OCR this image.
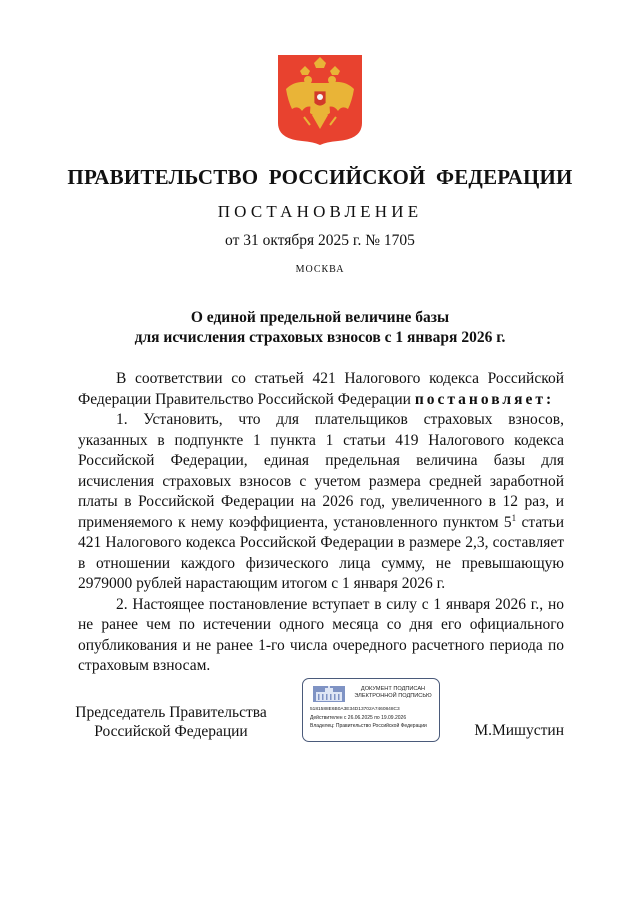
ПРАВИТЕЛЬСТВО РОССИЙСКОЙ ФЕДЕРАЦИИ
ПОСТАНОВЛЕНИЕ
от 31 октября 2025 г. № 1705
МОСКВА
О единой предельной величине базы
для исчисления страховых взносов с 1 января 2026 г.

В соответствии со статьей 421 Налогового кодекса Российской Федерации Правительство Российской Федерации постановляет:

1. Установить, что для плательщиков страховых взносов, указанных в подпункте 1 пункта 1 статьи 419 Налогового кодекса Российской Федерации, единая предельная величина базы для исчисления страховых взносов с учетом размера средней заработной платы в Российской Федерации на 2026 год, увеличенного в 12 раз, и применяемого к нему коэффициента, установленного пунктом $5^1$ статьи 421 Налогового кодекса Российской Федерации в размере 2,3, составляет в отношении каждого физического лица сумму, не превышающую 2979000 рублей нарастающим итогом с 1 января 2026 г.

2. Настоящее постановление вступает в силу с 1 января 2026 г., но не ранее чем по истечении одного месяца со дня его официального опубликования и не ранее 1-го числа очередного расчетного периода по страховым взносам.

Председатель Правительства
Российской Федерации
ДОКУМЕНТ ПОДПИСАН
ЭЛЕКТРОННОЙ ПОДПИСЬЮ
5181588E6B0A3E34D13702A7460848C3
Действителен с 26.06.2025 по 19.09.2026
Владелец: Правительство Российской Федерации	М.Мишустин
